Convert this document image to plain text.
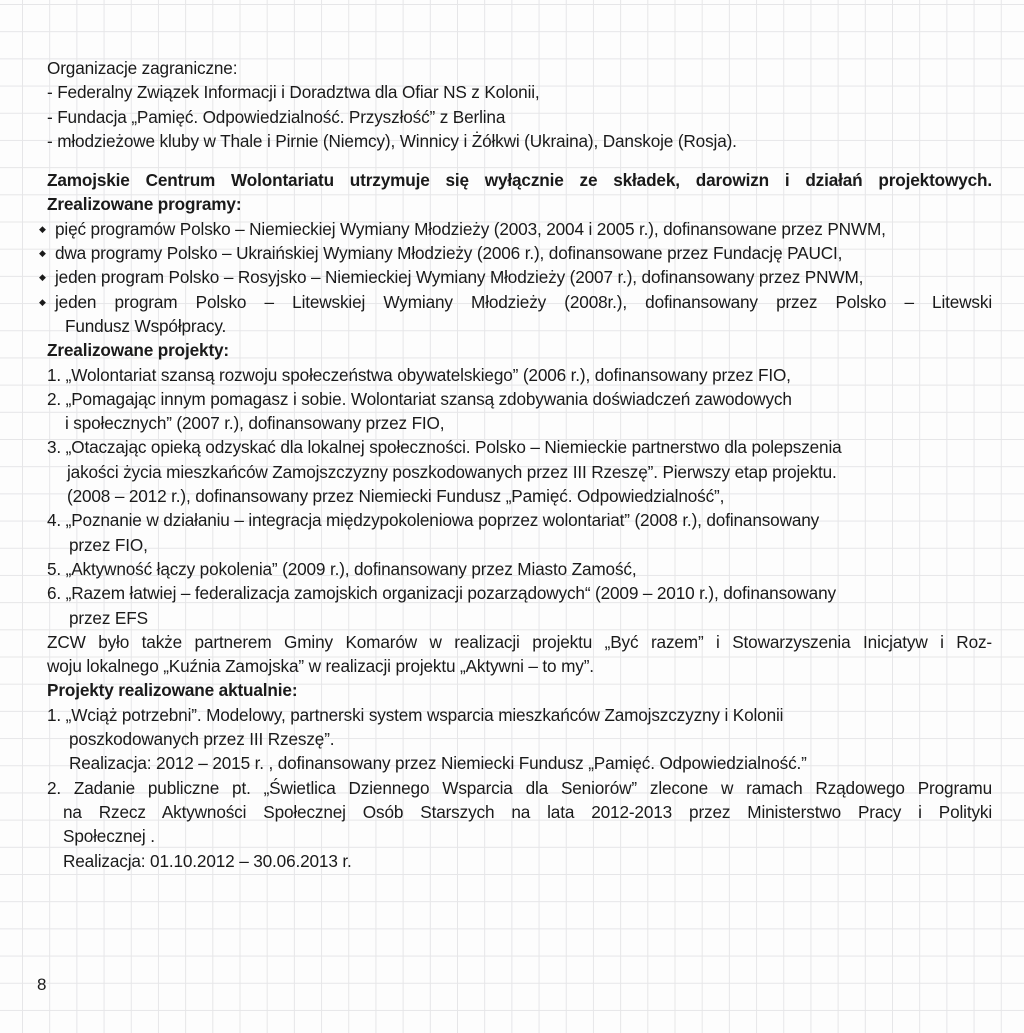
Organizacje zagraniczne:
- Federalny Związek Informacji i Doradztwa dla Ofiar NS z Kolonii,
- Fundacja „Pamięć. Odpowiedzialność. Przyszłość” z Berlina
- młodzieżowe kluby w Thale i Pirnie (Niemcy), Winnicy i Żółkwi (Ukraina), Danskoje (Rosja).
Zamojskie Centrum Wolontariatu utrzymuje się wyłącznie ze składek, darowizn i działań projektowych.
Zrealizowane programy:
◆ pięć programów Polsko – Niemieckiej Wymiany Młodzieży (2003, 2004 i 2005 r.), dofinansowane przez PNWM,
◆ dwa programy Polsko – Ukraińskiej Wymiany Młodzieży (2006 r.), dofinansowane przez Fundację PAUCI,
◆ jeden program Polsko – Rosyjsko – Niemieckiej Wymiany Młodzieży (2007 r.), dofinansowany przez PNWM,
◆ jeden program Polsko – Litewskiej Wymiany Młodzieży (2008r.), dofinansowany przez Polsko – Litewski
Fundusz Współpracy.
Zrealizowane projekty:
1. „Wolontariat szansą rozwoju społeczeństwa obywatelskiego” (2006 r.), dofinansowany przez FIO,
2. „Pomagając innym pomagasz i sobie. Wolontariat szansą zdobywania doświadczeń zawodowych
i społecznych” (2007 r.), dofinansowany przez FIO,
3. „Otaczając opieką odzyskać dla lokalnej społeczności. Polsko – Niemieckie partnerstwo dla polepszenia
jakości życia mieszkańców Zamojszczyzny poszkodowanych przez III Rzeszę”. Pierwszy etap projektu.
(2008 – 2012 r.), dofinansowany przez Niemiecki Fundusz „Pamięć. Odpowiedzialność”,
4. „Poznanie w działaniu – integracja międzypokoleniowa poprzez wolontariat” (2008 r.), dofinansowany
przez FIO,
5. „Aktywność łączy pokolenia” (2009 r.), dofinansowany przez Miasto Zamość,
6. „Razem łatwiej – federalizacja zamojskich organizacji pozarządowych“ (2009 – 2010 r.), dofinansowany
przez EFS
ZCW było także partnerem Gminy Komarów w realizacji projektu „Być razem” i Stowarzyszenia Inicjatyw i Roz-
woju lokalnego „Kuźnia Zamojska” w realizacji projektu „Aktywni – to my”.
Projekty realizowane aktualnie:
1. „Wciąż potrzebni”. Modelowy, partnerski system wsparcia mieszkańców Zamojszczyzny i Kolonii
poszkodowanych przez III Rzeszę”.
Realizacja: 2012 – 2015 r. , dofinansowany przez Niemiecki Fundusz „Pamięć. Odpowiedzialność.”
2. Zadanie publiczne pt. „Świetlica Dziennego Wsparcia dla Seniorów” zlecone w ramach Rządowego Programu
na Rzecz Aktywności Społecznej Osób Starszych na lata 2012-2013 przez Ministerstwo Pracy i Polityki
Społecznej .
Realizacja: 01.10.2012 – 30.06.2013 r.
8
